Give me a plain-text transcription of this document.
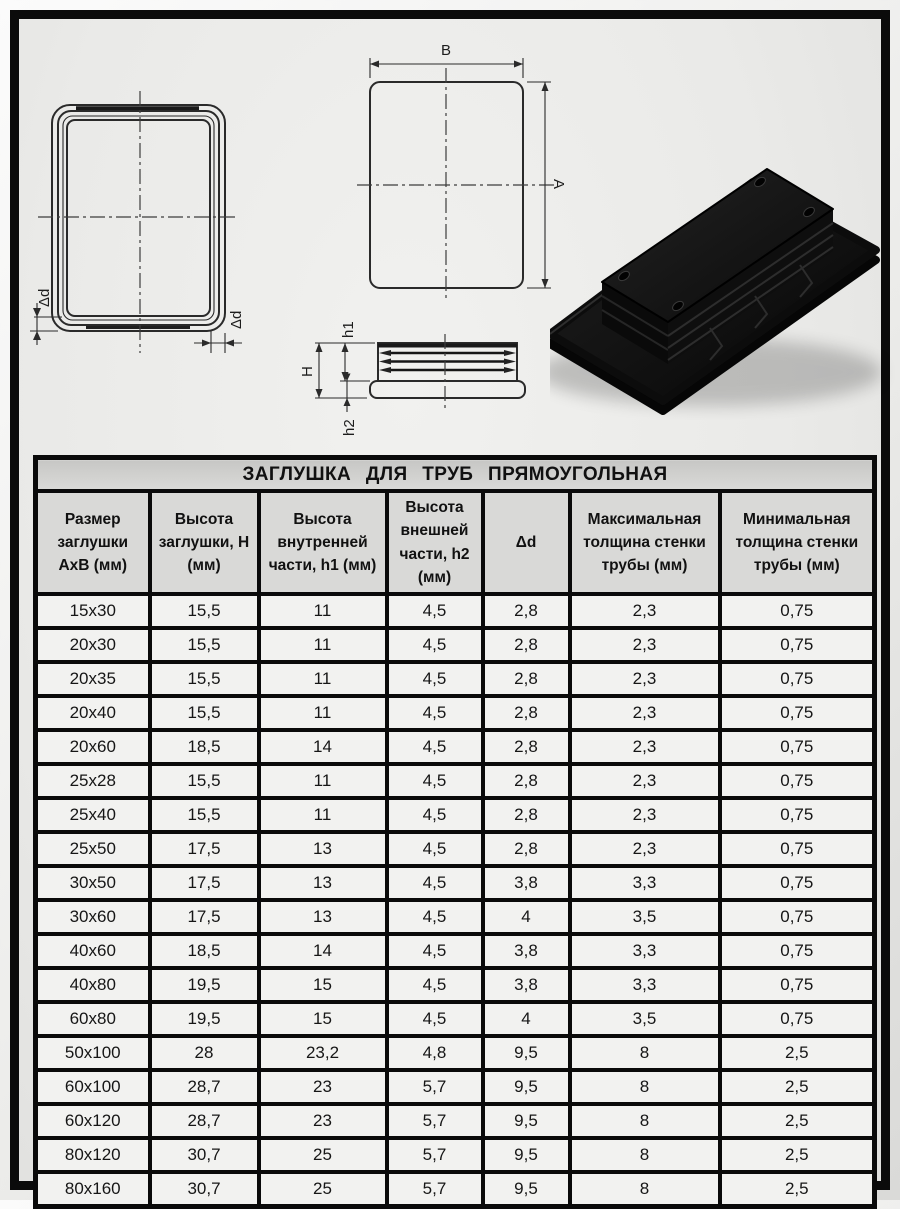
Δd
Δd
B
A
H
h1
h2
ЗАГЛУШКА ДЛЯ ТРУБ ПРЯМОУГОЛЬНАЯ						
Размер заглушки АхВ (мм)	Высота заглушки, Н (мм)	Высота внутренней части, h1 (мм)	Высота внешней части, h2 (мм)	Δd	Максимальная толщина стенки трубы (мм)	Минимальная толщина стенки трубы (мм)
15х30	15,5	11	4,5	2,8	2,3	0,75
20х30	15,5	11	4,5	2,8	2,3	0,75
20х35	15,5	11	4,5	2,8	2,3	0,75
20х40	15,5	11	4,5	2,8	2,3	0,75
20х60	18,5	14	4,5	2,8	2,3	0,75
25х28	15,5	11	4,5	2,8	2,3	0,75
25х40	15,5	11	4,5	2,8	2,3	0,75
25х50	17,5	13	4,5	2,8	2,3	0,75
30х50	17,5	13	4,5	3,8	3,3	0,75
30х60	17,5	13	4,5	4	3,5	0,75
40х60	18,5	14	4,5	3,8	3,3	0,75
40х80	19,5	15	4,5	3,8	3,3	0,75
60х80	19,5	15	4,5	4	3,5	0,75
50х100	28	23,2	4,8	9,5	8	2,5
60х100	28,7	23	5,7	9,5	8	2,5
60х120	28,7	23	5,7	9,5	8	2,5
80х120	30,7	25	5,7	9,5	8	2,5
80х160	30,7	25	5,7	9,5	8	2,5
